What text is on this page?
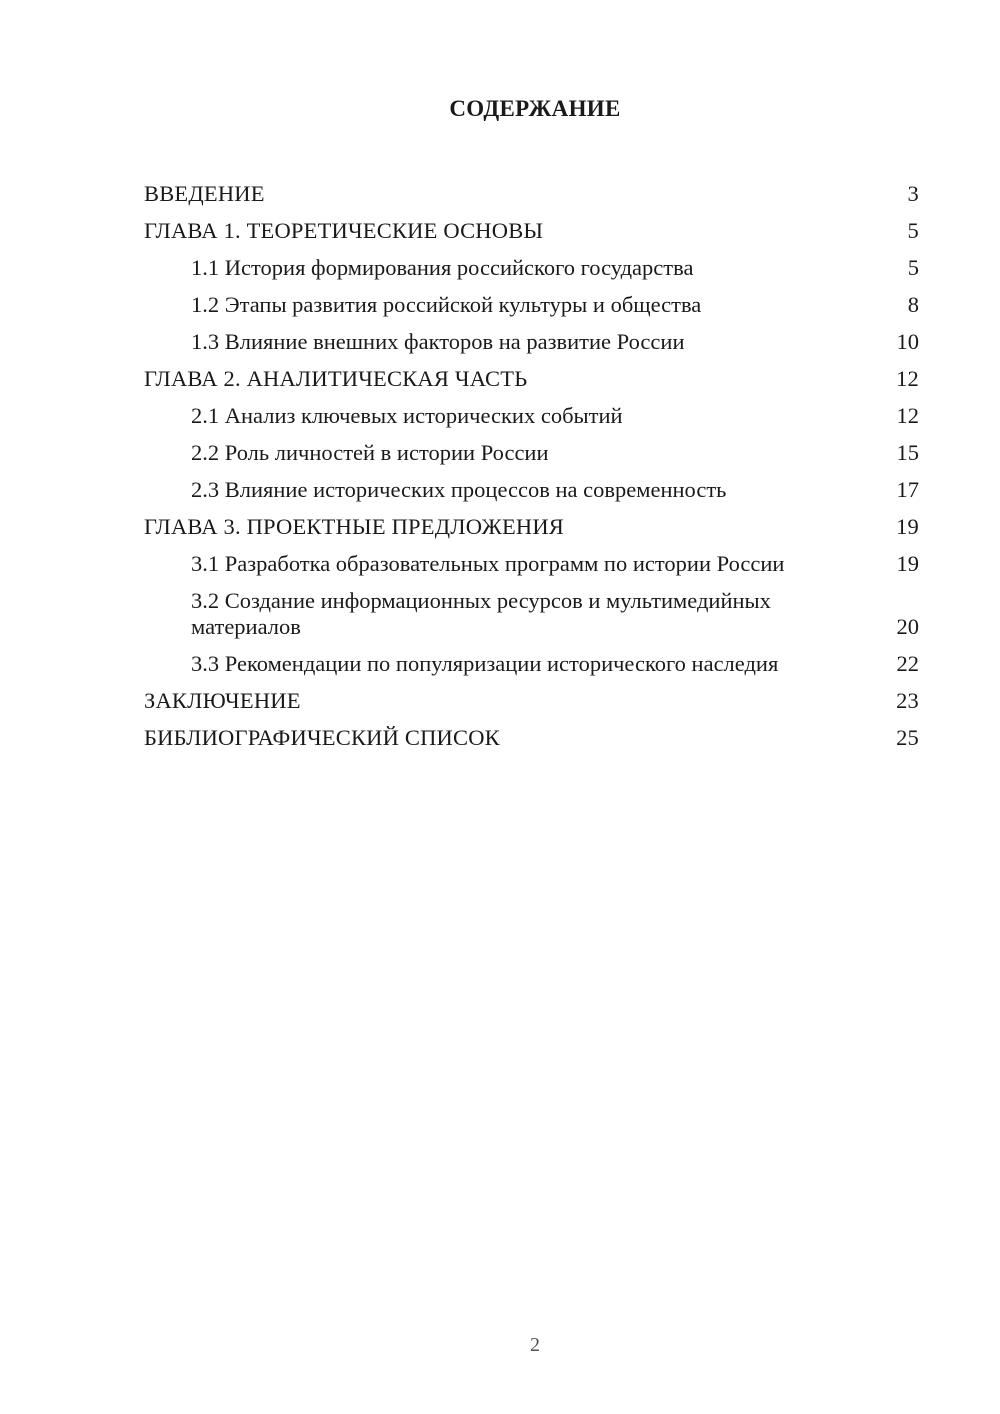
СОДЕРЖАНИЕ
ВВЕДЕНИЕ	3
ГЛАВА 1. ТЕОРЕТИЧЕСКИЕ ОСНОВЫ	5
1.1 История формирования российского государства	5
1.2 Этапы развития российской культуры и общества	8
1.3 Влияние внешних факторов на развитие России	10
ГЛАВА 2. АНАЛИТИЧЕСКАЯ ЧАСТЬ	12
2.1 Анализ ключевых исторических событий	12
2.2 Роль личностей в истории России	15
2.3 Влияние исторических процессов на современность	17
ГЛАВА 3. ПРОЕКТНЫЕ ПРЕДЛОЖЕНИЯ	19
3.1 Разработка образовательных программ по истории России	19
3.2 Создание информационных ресурсов и мультимедийных материалов	20
3.3 Рекомендации по популяризации исторического наследия	22
ЗАКЛЮЧЕНИЕ	23
БИБЛИОГРАФИЧЕСКИЙ СПИСОК	25
2
